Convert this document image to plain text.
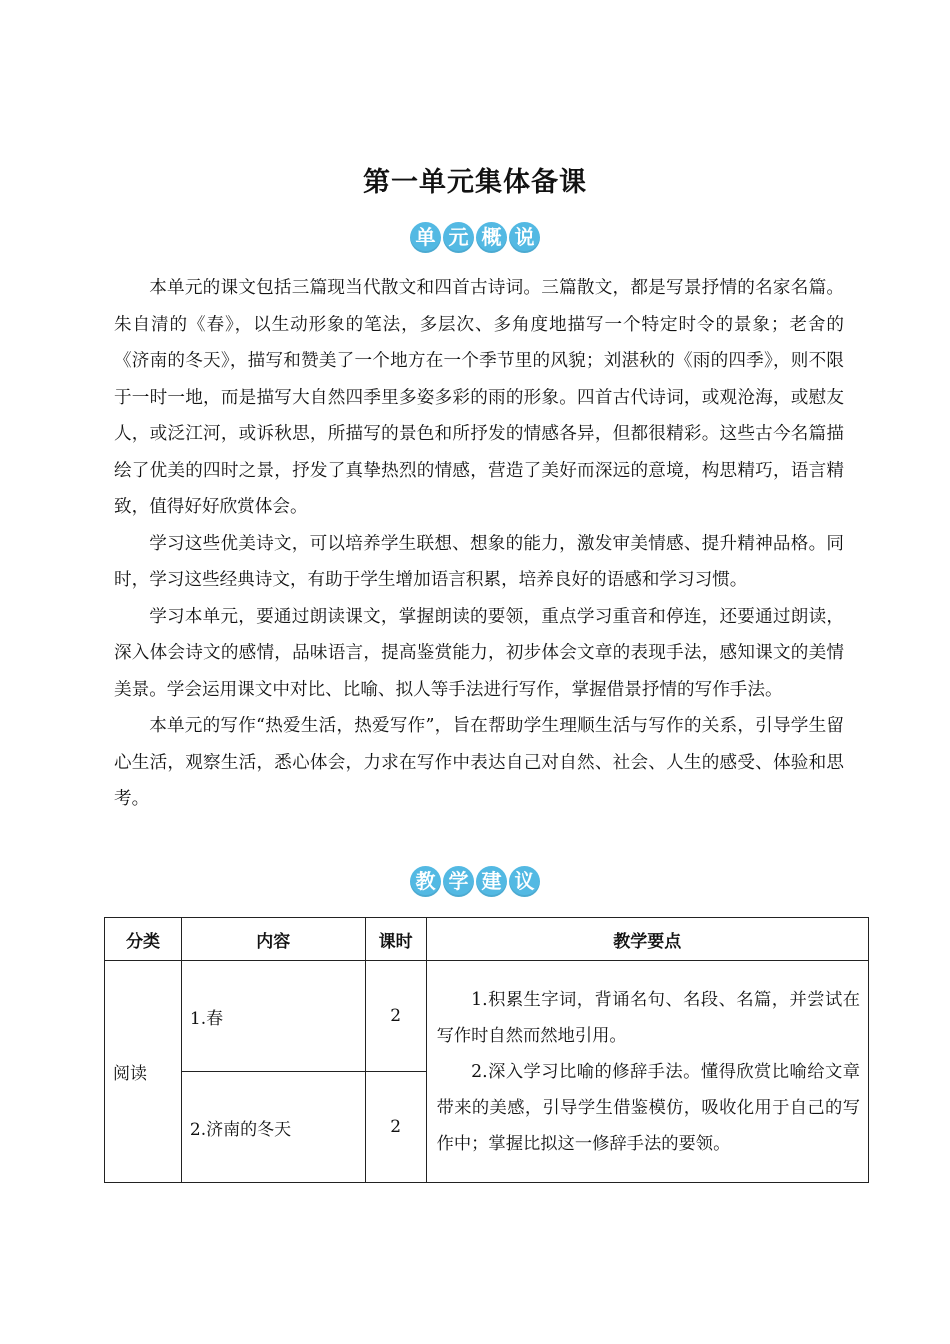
第一单元集体备课
单 元 概 说

本单元的课文包括三篇现当代散文和四首古诗词。三篇散文，都是写景抒情的名家名篇。朱自清的《春》，以生动形象的笔法，多层次、多角度地描写一个特定时令的景象；老舍的《济南的冬天》，描写和赞美了一个地方在一个季节里的风貌；刘湛秋的《雨的四季》，则不限于一时一地，而是描写大自然四季里多姿多彩的雨的形象。四首古代诗词，或观沧海，或慰友人，或泛江河，或诉秋思，所描写的景色和所抒发的情感各异，但都很精彩。这些古今名篇描绘了优美的四时之景，抒发了真挚热烈的情感，营造了美好而深远的意境，构思精巧，语言精致，值得好好欣赏体会。

学习这些优美诗文，可以培养学生联想、想象的能力，激发审美情感、提升精神品格。同时，学习这些经典诗文，有助于学生增加语言积累，培养良好的语感和学习习惯。

学习本单元，要通过朗读课文，掌握朗读的要领，重点学习重音和停连，还要通过朗读，深入体会诗文的感情，品味语言，提高鉴赏能力，初步体会文章的表现手法，感知课文的美情美景。学会运用课文中对比、比喻、拟人等手法进行写作，掌握借景抒情的写作手法。

本单元的写作“热爱生活，热爱写作”，旨在帮助学生理顺生活与写作的关系，引导学生留心生活，观察生活，悉心体会，力求在写作中表达自己对自然、社会、人生的感受、体验和思考。

教 学 建 议
分类	内容	课时	教学要点
阅读	1.春	2	1.积累生字词，背诵名句、名段、名篇，并尝试在写作时自然而然地引用。

2.深入学习比喻的修辞手法。懂得欣赏比喻给文章带来的美感，引导学生借鉴模仿，吸收化用于自己的写作中；掌握比拟这一修辞手法的要领。

	2.济南的冬天	2	
